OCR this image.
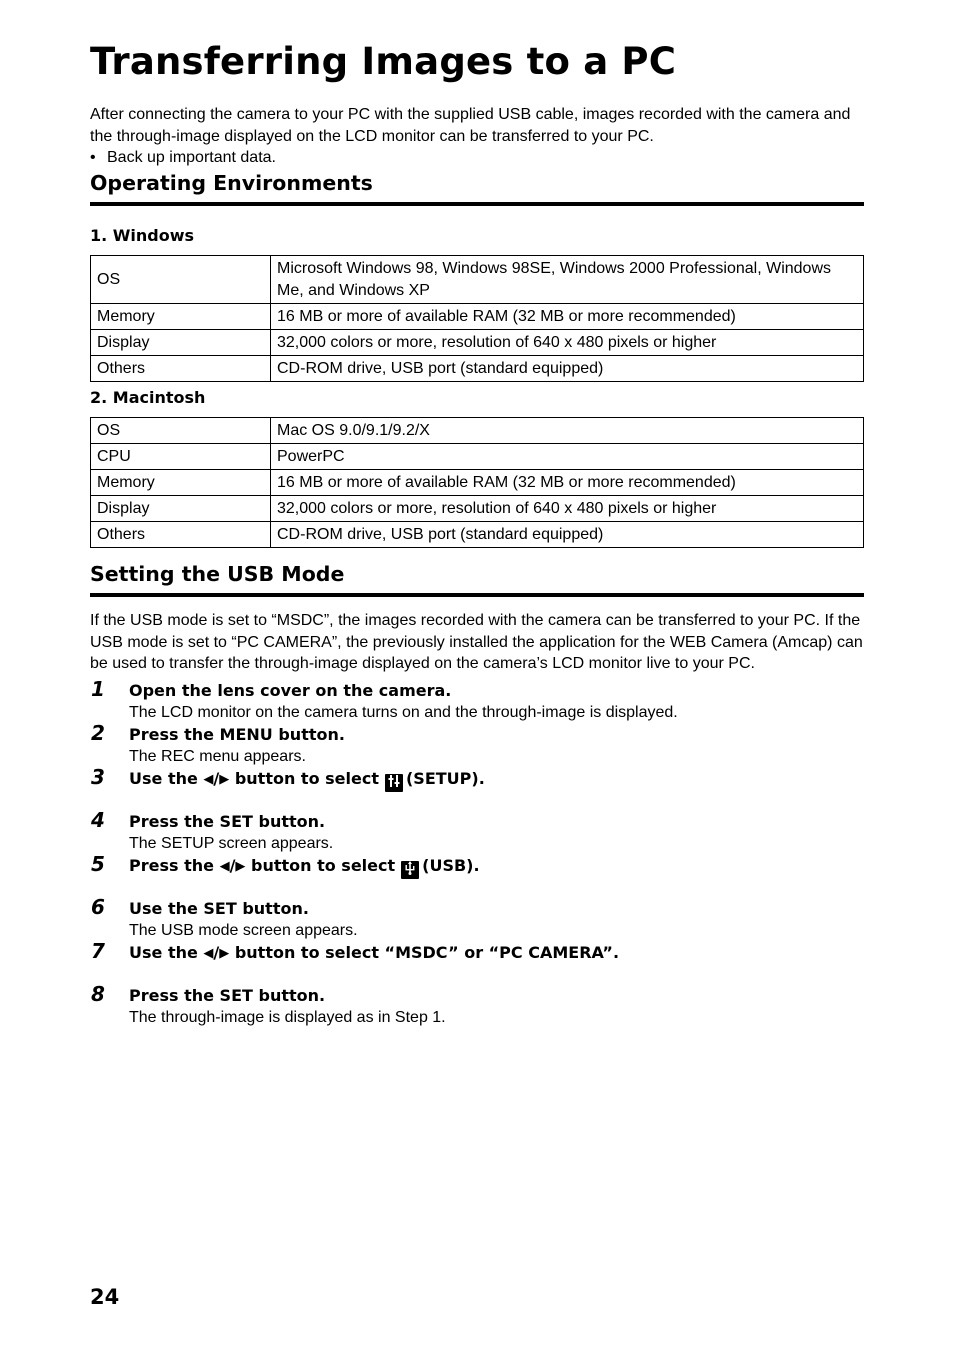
Transferring Images to a PC

After connecting the camera to your PC with the supplied USB cable, images recorded with the camera and the through-image displayed on the LCD monitor can be transferred to your PC.

• Back up important data.

Operating Environments
1. Windows
OS	Microsoft Windows 98, Windows 98SE, Windows 2000 Professional, Windows Me, and Windows XP
Memory	16 MB or more of available RAM (32 MB or more recommended)
Display	32,000 colors or more, resolution of 640 x 480 pixels or higher
Others	CD-ROM drive, USB port (standard equipped)
2. Macintosh
OS	Mac OS 9.0/9.1/9.2/X
CPU	PowerPC
Memory	16 MB or more of available RAM (32 MB or more recommended)
Display	32,000 colors or more, resolution of 640 x 480 pixels or higher
Others	CD-ROM drive, USB port (standard equipped)
Setting the USB Mode

If the USB mode is set to “MSDC”, the images recorded with the camera can be transferred to your PC. If the USB mode is set to “PC CAMERA”, the previously installed the application for the WEB Camera (Amcap) can be used to transfer the through-image displayed on the camera’s LCD monitor live to your PC.

1 Open the lens cover on the camera.
The LCD monitor on the camera turns on and the through-image is displayed.
2 Press the MENU button.
The REC menu appears.
3 Use the ◀/▶ button to select (SETUP).
4 Press the SET button.
The SETUP screen appears.
5 Press the ◀/▶ button to select (USB).
6 Use the SET button.
The USB mode screen appears.
7 Use the ◀/▶ button to select “MSDC” or “PC CAMERA”.
8 Press the SET button.
The through-image is displayed as in Step 1.
24
